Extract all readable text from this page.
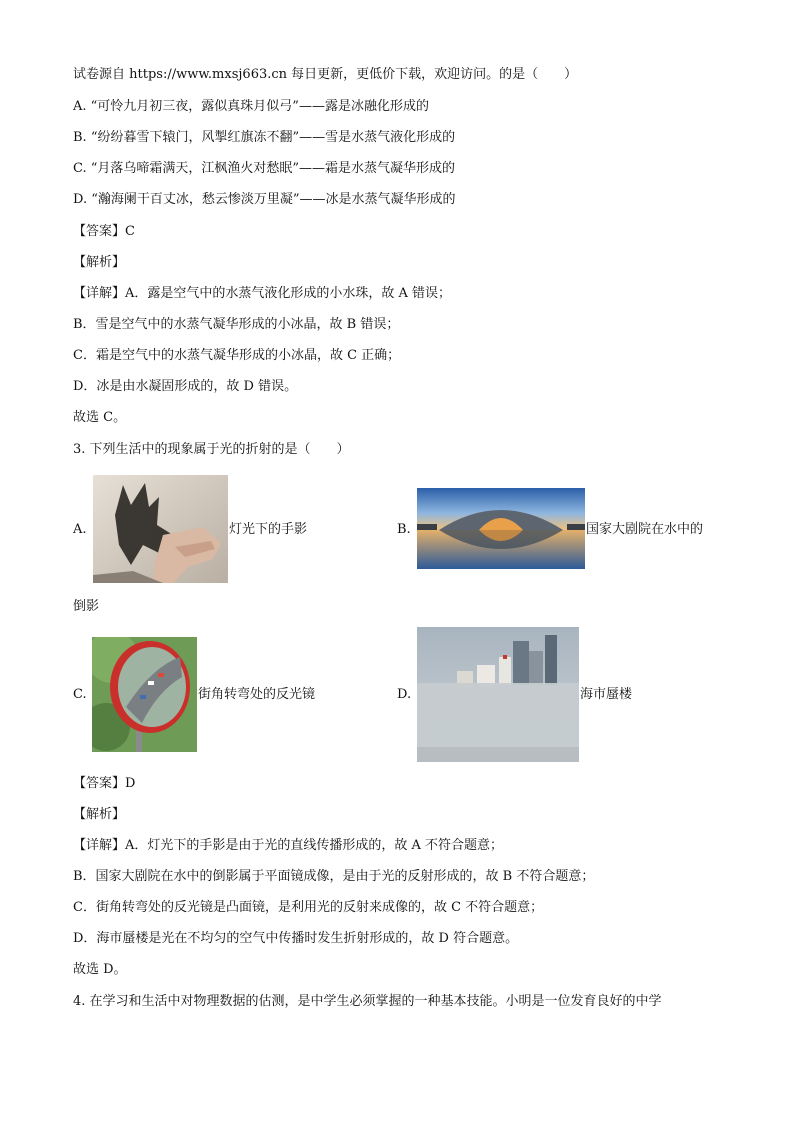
试卷源自 https://www.mxsj663.cn 每日更新，更低价下载，欢迎访问。的是（　　）
A. “可怜九月初三夜，露似真珠月似弓”——露是冰融化形成的
B. “纷纷暮雪下辕门，风掣红旗冻不翻”——雪是水蒸气液化形成的
C. “月落乌啼霜满天，江枫渔火对愁眠”——霜是水蒸气凝华形成的
D. “瀚海阑干百丈冰，愁云惨淡万里凝”——冰是水蒸气凝华形成的
【答案】C
【解析】
【详解】A．露是空气中的水蒸气液化形成的小水珠，故 A 错误；
B．雪是空气中的水蒸气凝华形成的小冰晶，故 B 错误；
C．霜是空气中的水蒸气凝华形成的小冰晶，故 C 正确；
D．冰是由水凝固形成的，故 D 错误。
故选 C。
3. 下列生活中的现象属于光的折射的是（　　）
A.	灯光下的手影	B.	国家大剧院在水中的
倒影
C.	街角转弯处的反光镜	D.	海市蜃楼
【答案】D
【解析】
【详解】A．灯光下的手影是由于光的直线传播形成的，故 A 不符合题意；
B．国家大剧院在水中的倒影属于平面镜成像，是由于光的反射形成的，故 B 不符合题意；
C．街角转弯处的反光镜是凸面镜，是利用光的反射来成像的，故 C 不符合题意；
D．海市蜃楼是光在不均匀的空气中传播时发生折射形成的，故 D 符合题意。
故选 D。
4. 在学习和生活中对物理数据的估测，是中学生必须掌握的一种基本技能。小明是一位发育良好的中学
